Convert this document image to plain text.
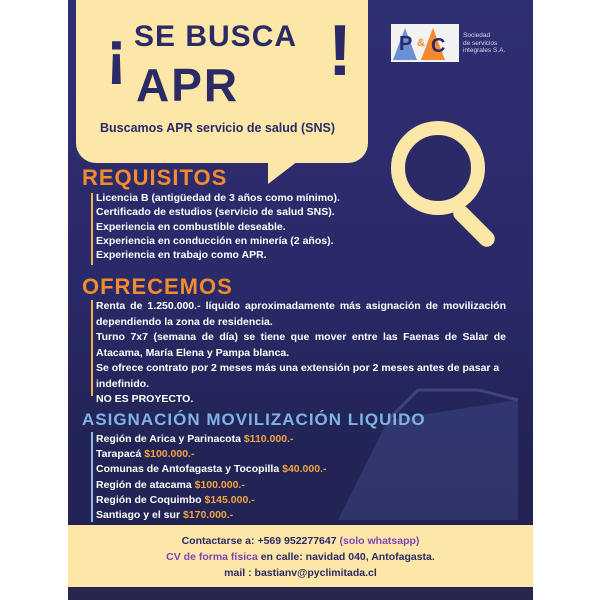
¡ SE BUSCA
APR !
Buscamos APR servicio de salud (SNS)
P & C	Sociedad
de servicios
integrales S.A.
REQUISITOS
Licencia B (antigüedad de 3 años como mínimo).
Certificado de estudios (servicio de salud SNS).
Experiencia en combustible deseable.
Experiencia en conducción en minería (2 años).
Experiencia en trabajo como APR.
OFRECEMOS

Renta de 1.250.000.- líquido aproximadamente más asignación de movilización dependiendo la zona de residencia.

Turno 7x7 (semana de día) se tiene que mover entre las Faenas de Salar de Atacama, María Elena y Pampa blanca.

Se ofrece contrato por 2 meses más una extensión por 2 meses antes de pasar a indefinido.

NO ES PROYECTO.

ASIGNACIÓN MOVILIZACIÓN LIQUIDO
Región de Arica y Parinacota $110.000.-
Tarapacá $100.000.-
Comunas de Antofagasta y Tocopilla $40.000.-
Región de atacama $100.000.-
Región de Coquimbo $145.000.-
Santiago y el sur $170.000.-
Contactarse a: +569 952277647 (solo whatsapp)
CV de forma física en calle: navidad 040, Antofagasta.
mail : bastianv@pyclimitada.cl
